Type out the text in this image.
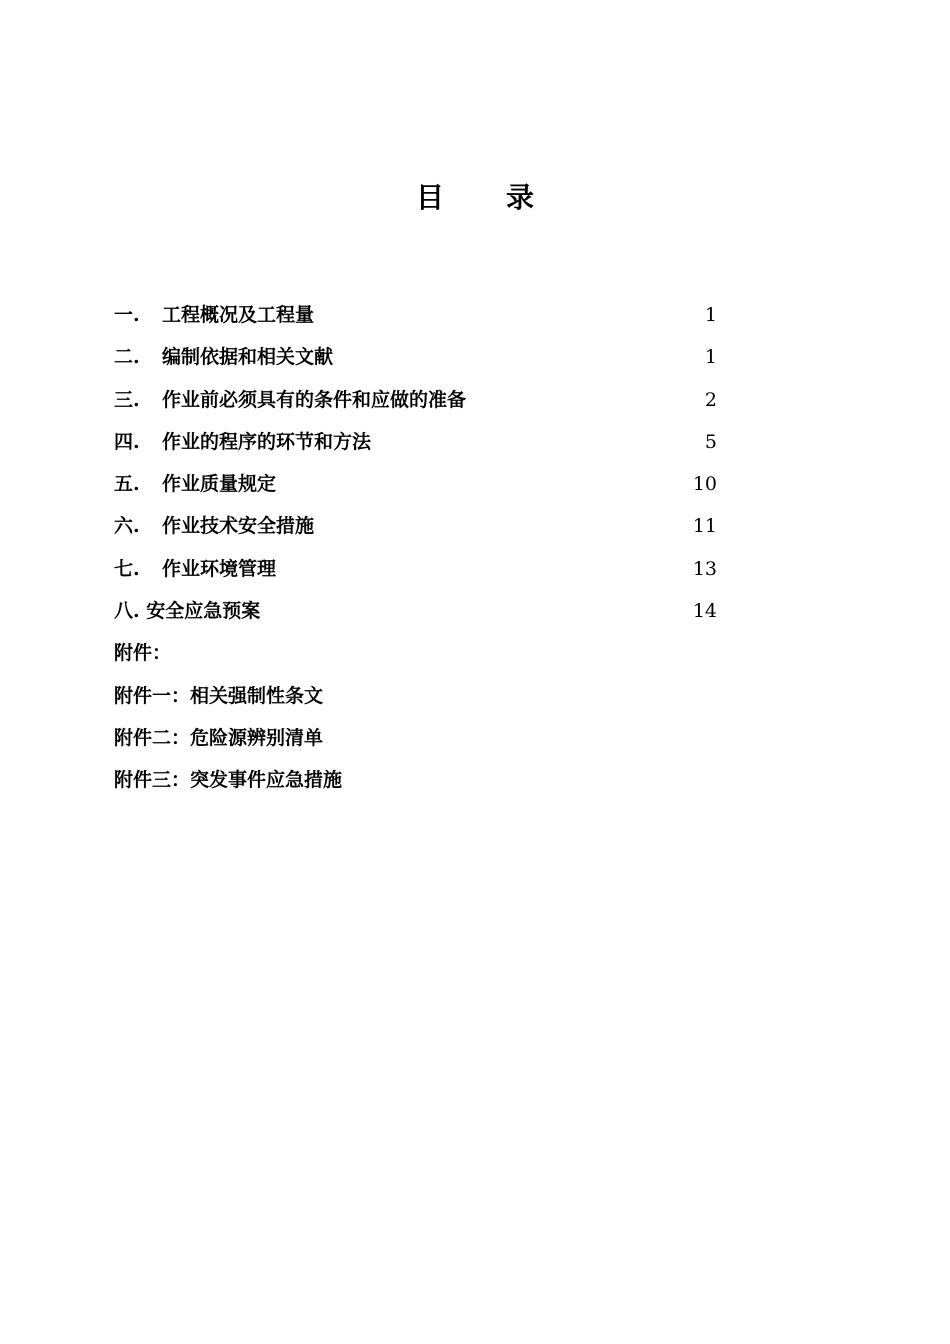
目 录
一. 工程概况及工程量	1
二. 编制依据和相关文献	1
三. 作业前必须具有的条件和应做的准备	2
四. 作业的程序的环节和方法	5
五. 作业质量规定	10
六. 作业技术安全措施	11
七. 作业环境管理	13
八. 安全应急预案	14
附件：
附件一：相关强制性条文
附件二：危险源辨别清单
附件三：突发事件应急措施
